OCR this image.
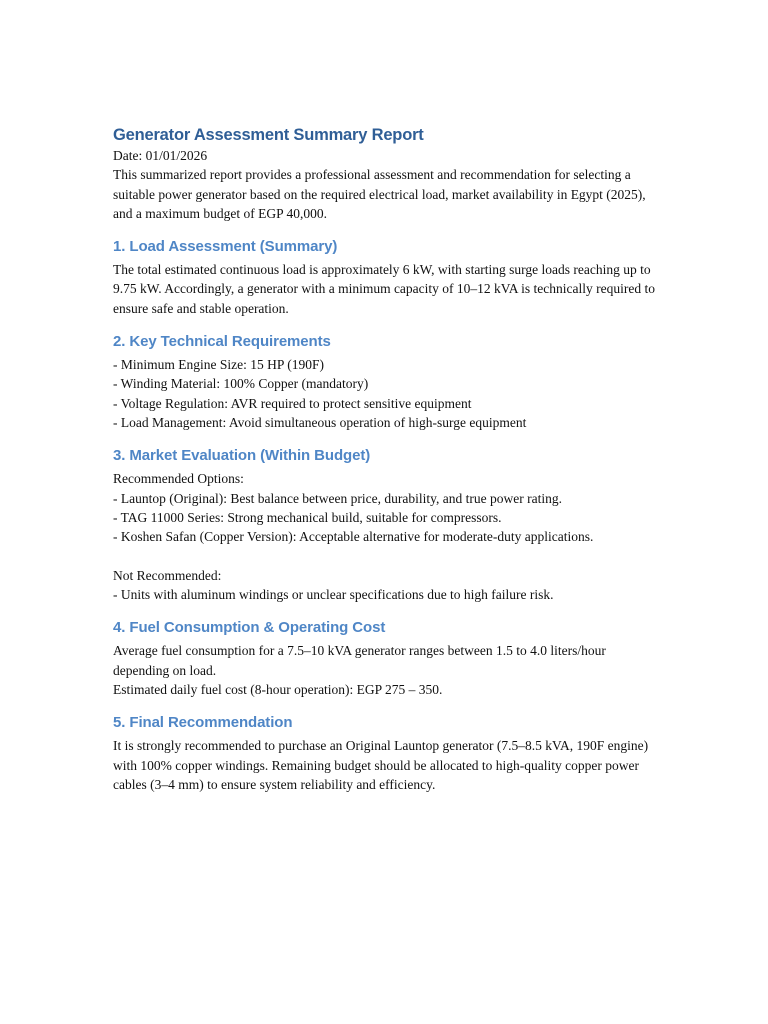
Generator Assessment Summary Report

Date: 01/01/2026

This summarized report provides a professional assessment and recommendation for selecting a suitable power generator based on the required electrical load, market availability in Egypt (2025), and a maximum budget of EGP 40,000.

1. Load Assessment (Summary)

The total estimated continuous load is approximately 6 kW, with starting surge loads reaching up to 9.75 kW. Accordingly, a generator with a minimum capacity of 10–12 kVA is technically required to ensure safe and stable operation.

2. Key Technical Requirements
- Minimum Engine Size: 15 HP (190F)
- Winding Material: 100% Copper (mandatory)
- Voltage Regulation: AVR required to protect sensitive equipment
- Load Management: Avoid simultaneous operation of high-surge equipment
3. Market Evaluation (Within Budget)

Recommended Options:

- Launtop (Original): Best balance between price, durability, and true power rating.
- TAG 11000 Series: Strong mechanical build, suitable for compressors.
- Koshen Safan (Copper Version): Acceptable alternative for moderate-duty applications.

Not Recommended:

- Units with aluminum windings or unclear specifications due to high failure risk.
4. Fuel Consumption & Operating Cost

Average fuel consumption for a 7.5–10 kVA generator ranges between 1.5 to 4.0 liters/hour depending on load.

Estimated daily fuel cost (8-hour operation): EGP 275 – 350.

5. Final Recommendation

It is strongly recommended to purchase an Original Launtop generator (7.5–8.5 kVA, 190F engine) with 100% copper windings. Remaining budget should be allocated to high-quality copper power cables (3–4 mm) to ensure system reliability and efficiency.
